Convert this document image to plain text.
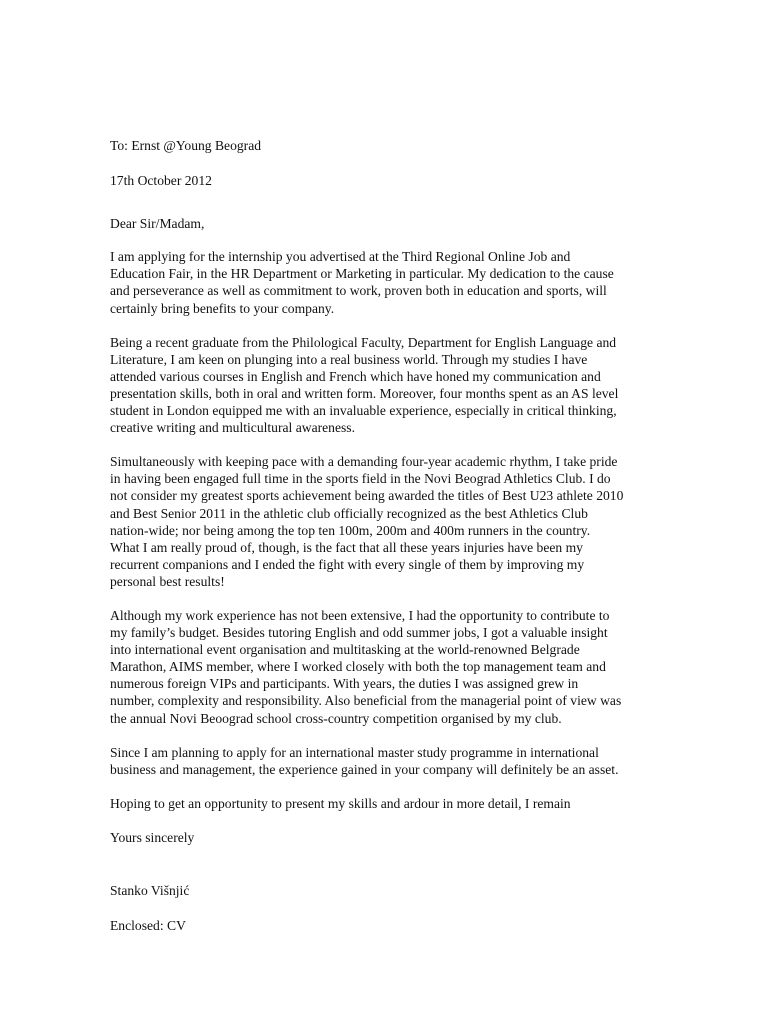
To: Ernst @Young Beograd

17th October 2012

Dear Sir/Madam,

I am applying for the internship you advertised at the Third Regional Online Job and
Education Fair, in the HR Department or Marketing in particular. My dedication to the cause
and perseverance as well as commitment to work, proven both in education and sports, will
certainly bring benefits to your company.
Being a recent graduate from the Philological Faculty, Department for English Language and
Literature, I am keen on plunging into a real business world. Through my studies I have
attended various courses in English and French which have honed my communication and
presentation skills, both in oral and written form. Moreover, four months spent as an AS level
student in London equipped me with an invaluable experience, especially in critical thinking,
creative writing and multicultural awareness.
Simultaneously with keeping pace with a demanding four-year academic rhythm, I take pride
in having been engaged full time in the sports field in the Novi Beograd Athletics Club. I do
not consider my greatest sports achievement being awarded the titles of Best U23 athlete 2010
and Best Senior 2011 in the athletic club officially recognized as the best Athletics Club
nation-wide; nor being among the top ten 100m, 200m and 400m runners in the country.
What I am really proud of, though, is the fact that all these years injuries have been my
recurrent companions and I ended the fight with every single of them by improving my
personal best results!
Although my work experience has not been extensive, I had the opportunity to contribute to
my family’s budget. Besides tutoring English and odd summer jobs, I got a valuable insight
into international event organisation and multitasking at the world-renowned Belgrade
Marathon, AIMS member, where I worked closely with both the top management team and
numerous foreign VIPs and participants. With years, the duties I was assigned grew in
number, complexity and responsibility. Also beneficial from the managerial point of view was
the annual Novi Beoograd school cross-country competition organised by my club.
Since I am planning to apply for an international master study programme in international
business and management, the experience gained in your company will definitely be an asset.
Hoping to get an opportunity to present my skills and ardour in more detail, I remain

Yours sincerely

Stanko Višnjić

Enclosed: CV
